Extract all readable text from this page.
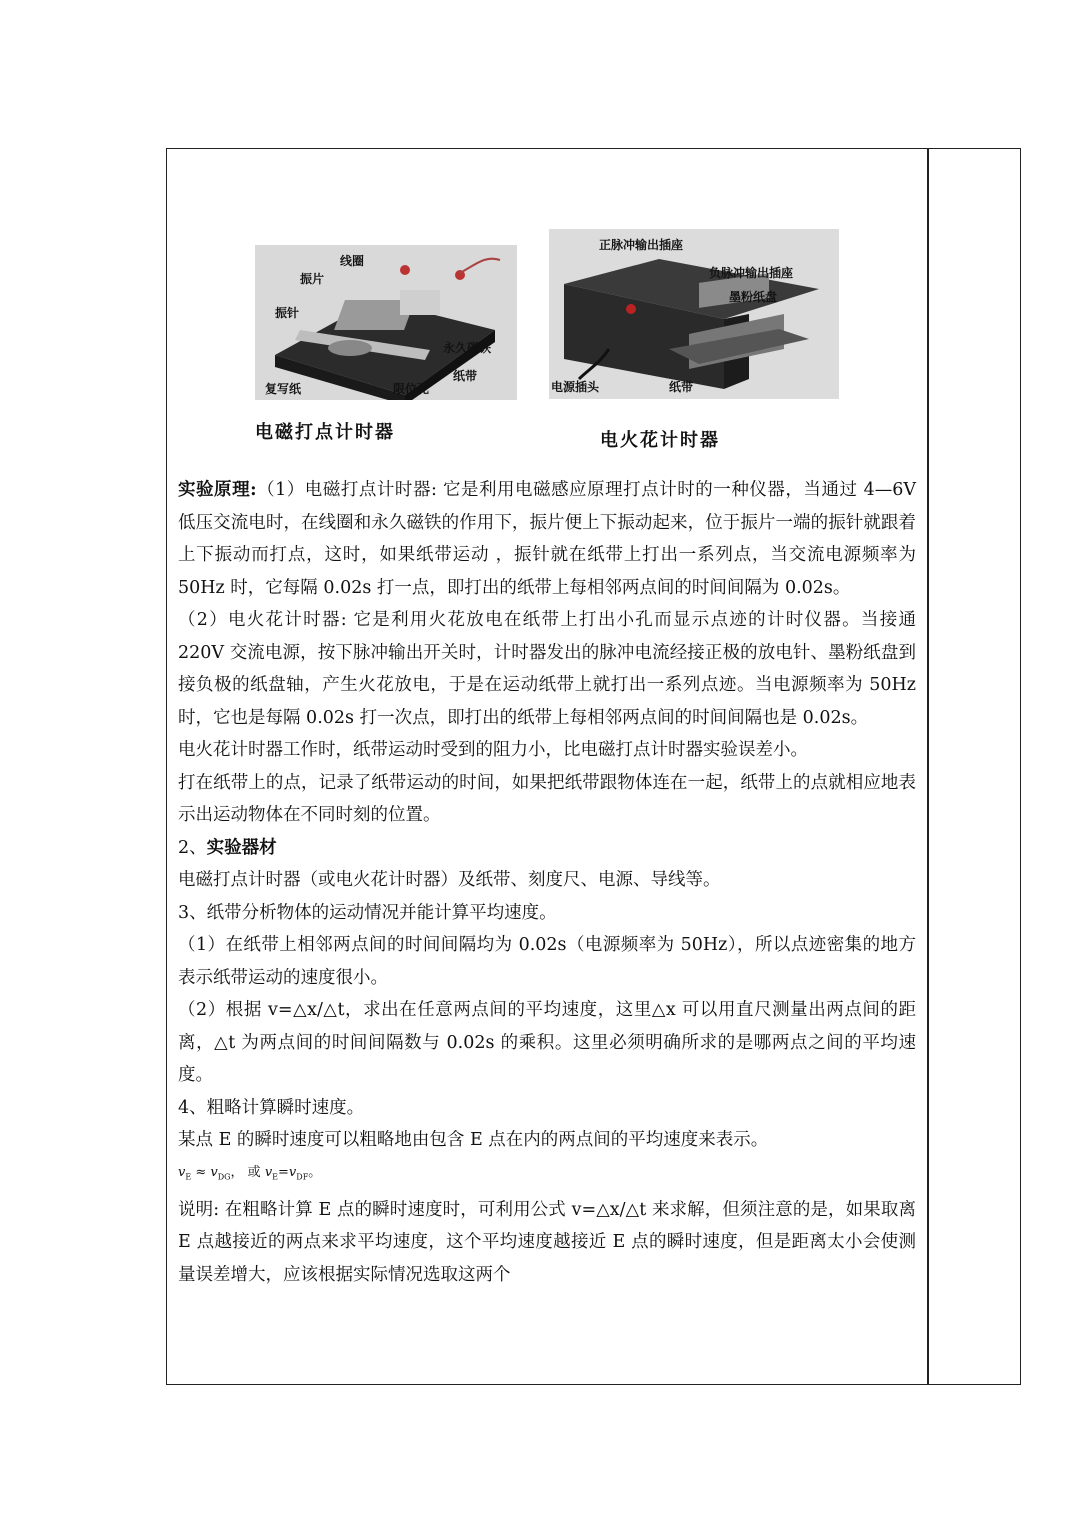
线圈
振片
振针
永久磁铁
复写纸	限位孔
纸带
电磁打点计时器
正脉冲输出插座
负脉冲输出插座
墨粉纸盘
电源插头	纸带
电火花计时器

实验原理:（1）电磁打点计时器: 它是利用电磁感应原理打点计时的一种仪器，当通过 4—6V 低压交流电时，在线圈和永久磁铁的作用下，振片便上下振动起来，位于振片一端的振针就跟着上下振动而打点，这时，如果纸带运动 ，振针就在纸带上打出一系列点，当交流电源频率为 50Hz 时，它每隔 0.02s 打一点，即打出的纸带上每相邻两点间的时间间隔为 0.02s。

（2）电火花计时器: 它是利用火花放电在纸带上打出小孔而显示点迹的计时仪器。当接通 220V 交流电源，按下脉冲输出开关时，计时器发出的脉冲电流经接正极的放电针、墨粉纸盘到接负极的纸盘轴，产生火花放电，于是在运动纸带上就打出一系列点迹。当电源频率为 50Hz 时，它也是每隔 0.02s 打一次点，即打出的纸带上每相邻两点间的时间间隔也是 0.02s。

电火花计时器工作时，纸带运动时受到的阻力小，比电磁打点计时器实验误差小。

打在纸带上的点，记录了纸带运动的时间，如果把纸带跟物体连在一起，纸带上的点就相应地表示出运动物体在不同时刻的位置。

2、实验器材

电磁打点计时器（或电火花计时器）及纸带、刻度尺、电源、导线等。

3、纸带分析物体的运动情况并能计算平均速度。

（1）在纸带上相邻两点间的时间间隔均为 0.02s（电源频率为 50Hz），所以点迹密集的地方表示纸带运动的速度很小。

（2）根据 v=△x/△t，求出在任意两点间的平均速度，这里△x 可以用直尺测量出两点间的距离，△t 为两点间的时间间隔数与 0.02s 的乘积。这里必须明确所求的是哪两点之间的平均速度。

4、粗略计算瞬时速度。

某点 E 的瞬时速度可以粗略地由包含 E 点在内的两点间的平均速度来表示。

$v_E \approx v_{DG}$， 或 $v_E=v_{DF}$。

说明: 在粗略计算 E 点的瞬时速度时，可利用公式 v=△x/△t 来求解，但须注意的是，如果取离 E 点越接近的两点来求平均速度，这个平均速度越接近 E 点的瞬时速度，但是距离太小会使测量误差增大，应该根据实际情况选取这两个
